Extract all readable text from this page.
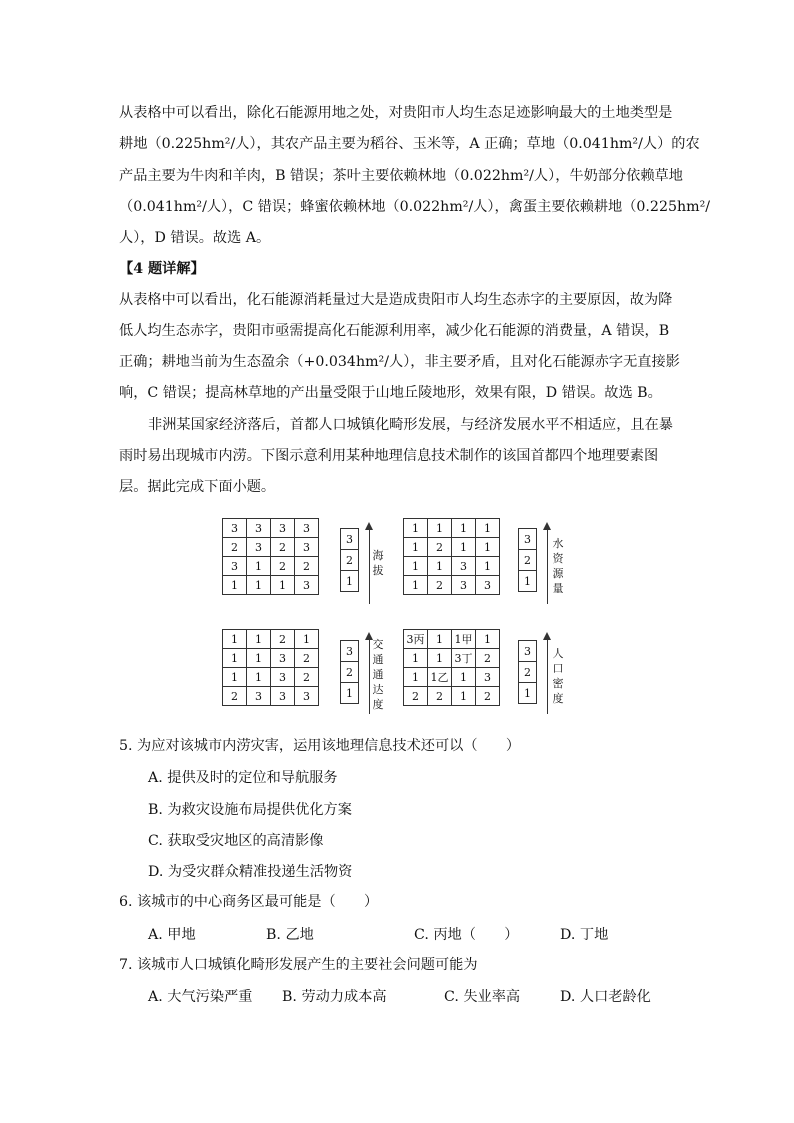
从表格中可以看出，除化石能源用地之处，对贵阳市人均生态足迹影响最大的土地类型是
耕地（0.225hm²/人），其农产品主要为稻谷、玉米等，A 正确；草地（0.041hm²/人）的农
产品主要为牛肉和羊肉，B 错误；茶叶主要依赖林地（0.022hm²/人），牛奶部分依赖草地
（0.041hm²/人），C 错误；蜂蜜依赖林地（0.022hm²/人），禽蛋主要依赖耕地（0.225hm²/
人），D 错误。故选 A。
【4 题详解】
从表格中可以看出，化石能源消耗量过大是造成贵阳市人均生态赤字的主要原因，故为降
低人均生态赤字，贵阳市亟需提高化石能源利用率，减少化石能源的消费量，A 错误，B
正确；耕地当前为生态盈余（+0.034hm²/人），非主要矛盾，且对化石能源赤字无直接影
响，C 错误；提高林草地的产出量受限于山地丘陵地形，效果有限，D 错误。故选 B。
非洲某国家经济落后，首都人口城镇化畸形发展，与经济发展水平不相适应，且在暴
雨时易出现城市内涝。下图示意利用某种地理信息技术制作的该国首都四个地理要素图
层。据此完成下面小题。
3	3	3	3
2	3	2	3
3	1	2	2
1	1	1	3
3
2
1
海
拔
1	1	1	1
1	2	1	1
1	1	3	1
1	2	3	3
3
2
1
水
资
源
量
1	1	2	1
1	1	3	2
1	1	3	2
2	3	3	3
3
2
1
交
通
通
达
度
3丙	1	1甲	1
1	1	3丁	2
1	1乙	1	3
2	2	1	2
3
2
1
人
口
密
度
5. 为应对该城市内涝灾害，运用该地理信息技术还可以（　　）
A. 提供及时的定位和导航服务
B. 为救灾设施布局提供优化方案
C. 获取受灾地区的高清影像
D. 为受灾群众精准投递生活物资
6. 该城市的中心商务区最可能是（　　）
A. 甲地	B. 乙地	C. 丙地（　　）	D. 丁地
7. 该城市人口城镇化畸形发展产生的主要社会问题可能为
A. 大气污染严重 B. 劳动力成本高	C. 失业率高	D. 人口老龄化
